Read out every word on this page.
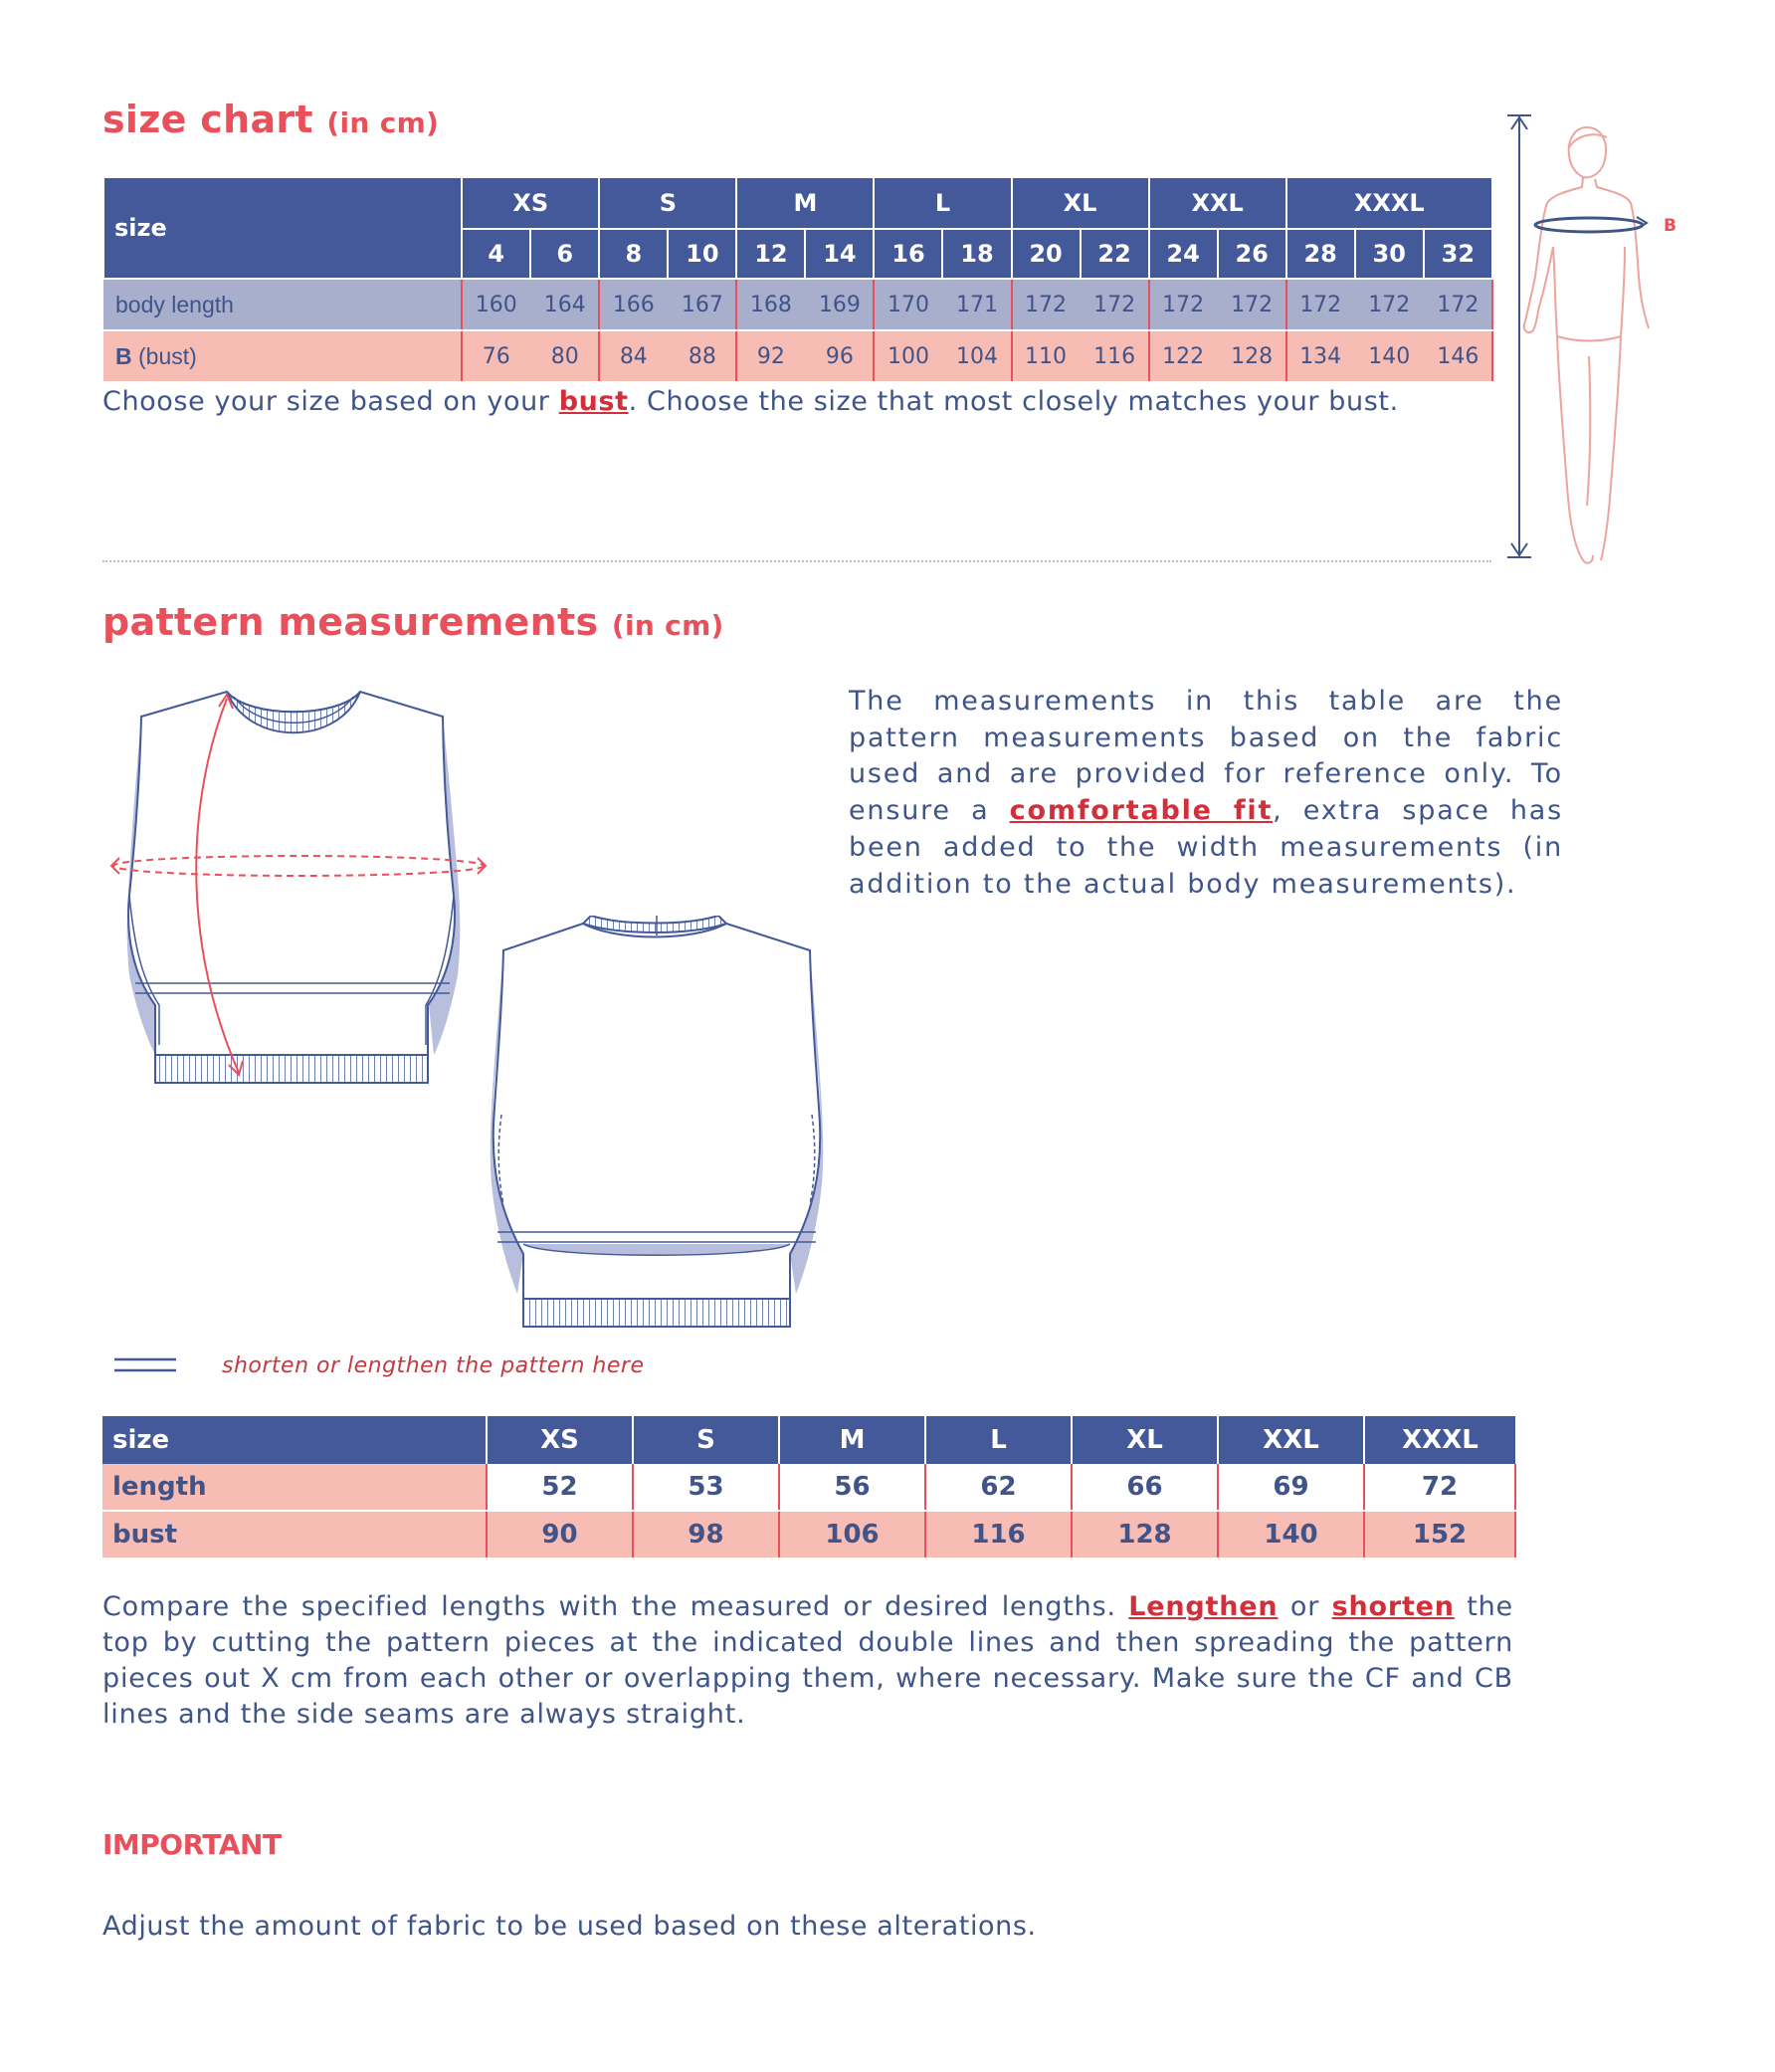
size chart (in cm)
size	XS		S		M		L		XL		XXL		XXXL		
	4	6	8	10	12	14	16	18	20	22	24	26	28	30	32
body length	160	164	166	167	168	169	170	171	172	172	172	172	172	172	172
B (bust)	76	80	84	88	92	96	100	104	110	116	122	128	134	140	146
Choose your size based on your bust. Choose the size that most closely matches your bust.
B
pattern measurements (in cm)
The measurements in this table are the pattern measurements based on the fabric used and are provided for reference only. To ensure a comfortable fit, extra space has been added to the width measurements (in addition to the actual body measurements).
shorten or lengthen the pattern here
size	XS	S	M	L	XL	XXL	XXXL
length	52	53	56	62	66	69	72
bust	90	98	106	116	128	140	152
Compare the specified lengths with the measured or desired lengths. Lengthen or shorten the top by cutting the pattern pieces at the indicated double lines and then spreading the pattern pieces out X cm from each other or overlapping them, where necessary. Make sure the CF and CB lines and the side seams are always straight.
IMPORTANT
Adjust the amount of fabric to be used based on these alterations.
